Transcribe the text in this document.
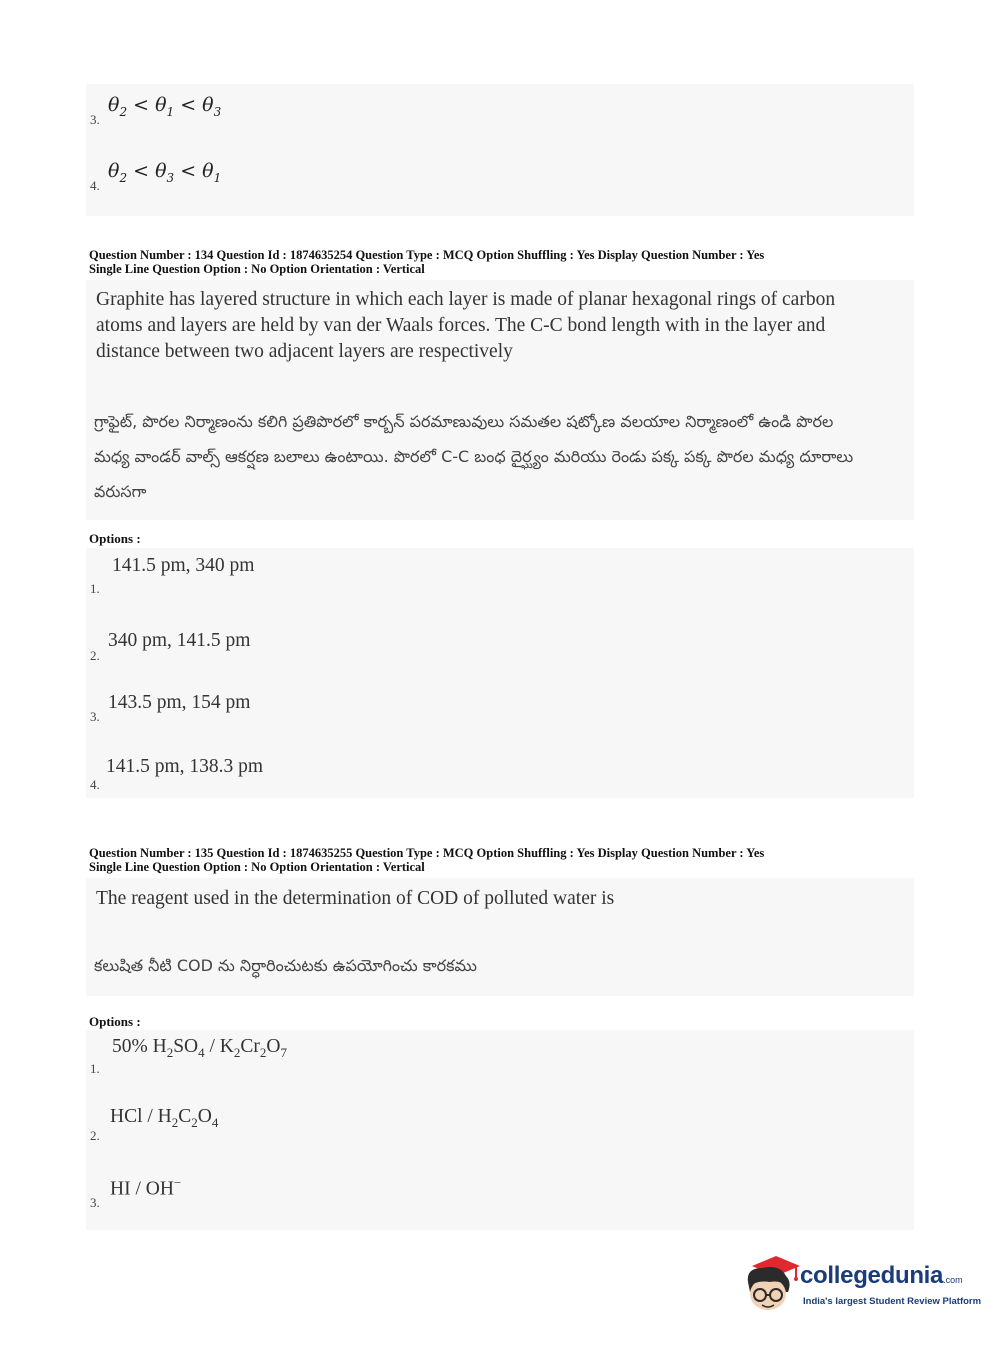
3.
$\theta_2 < \theta_1 < \theta_3$
4.
$\theta_2 < \theta_3 < \theta_1$
Question Number : 134 Question Id : 1874635254 Question Type : MCQ Option Shuffling : Yes Display Question Number : Yes
Single Line Question Option : No Option Orientation : Vertical
Graphite has layered structure in which each layer is made of planar hexagonal rings of carbon atoms and layers are held by van der Waals forces. The C-C bond length with in the layer and distance between two adjacent layers are respectively
గ్రాఫైట్, పొరల నిర్మాణంను కలిగి ప్రతిపొరలో కార్బన్ పరమాణువులు సమతల షట్కోణ వలయాల నిర్మాణంలో ఉండి పొరల మధ్య వాండర్ వాల్స్ ఆకర్షణ బలాలు ఉంటాయి. పొరలో C-C బంధ దైర్ఘ్యం మరియు రెండు పక్క పక్క పొరల మధ్య దూరాలు వరుసగా
Options :
141.5 pm, 340 pm
1.
340 pm, 141.5 pm
2.
143.5 pm, 154 pm
3.
141.5 pm, 138.3 pm
4.
Question Number : 135 Question Id : 1874635255 Question Type : MCQ Option Shuffling : Yes Display Question Number : Yes
Single Line Question Option : No Option Orientation : Vertical
The reagent used in the determination of COD of polluted water is
కలుషిత నీటి COD ను నిర్ధారించుటకు ఉపయోగించు కారకము
Options :
50% $H_2SO_4 / K_2Cr_2O_7$
1.
HCl / $H_2C_2O_4$
2.
HI / OH−
3.
collegedunia.com
India's largest Student Review Platform
